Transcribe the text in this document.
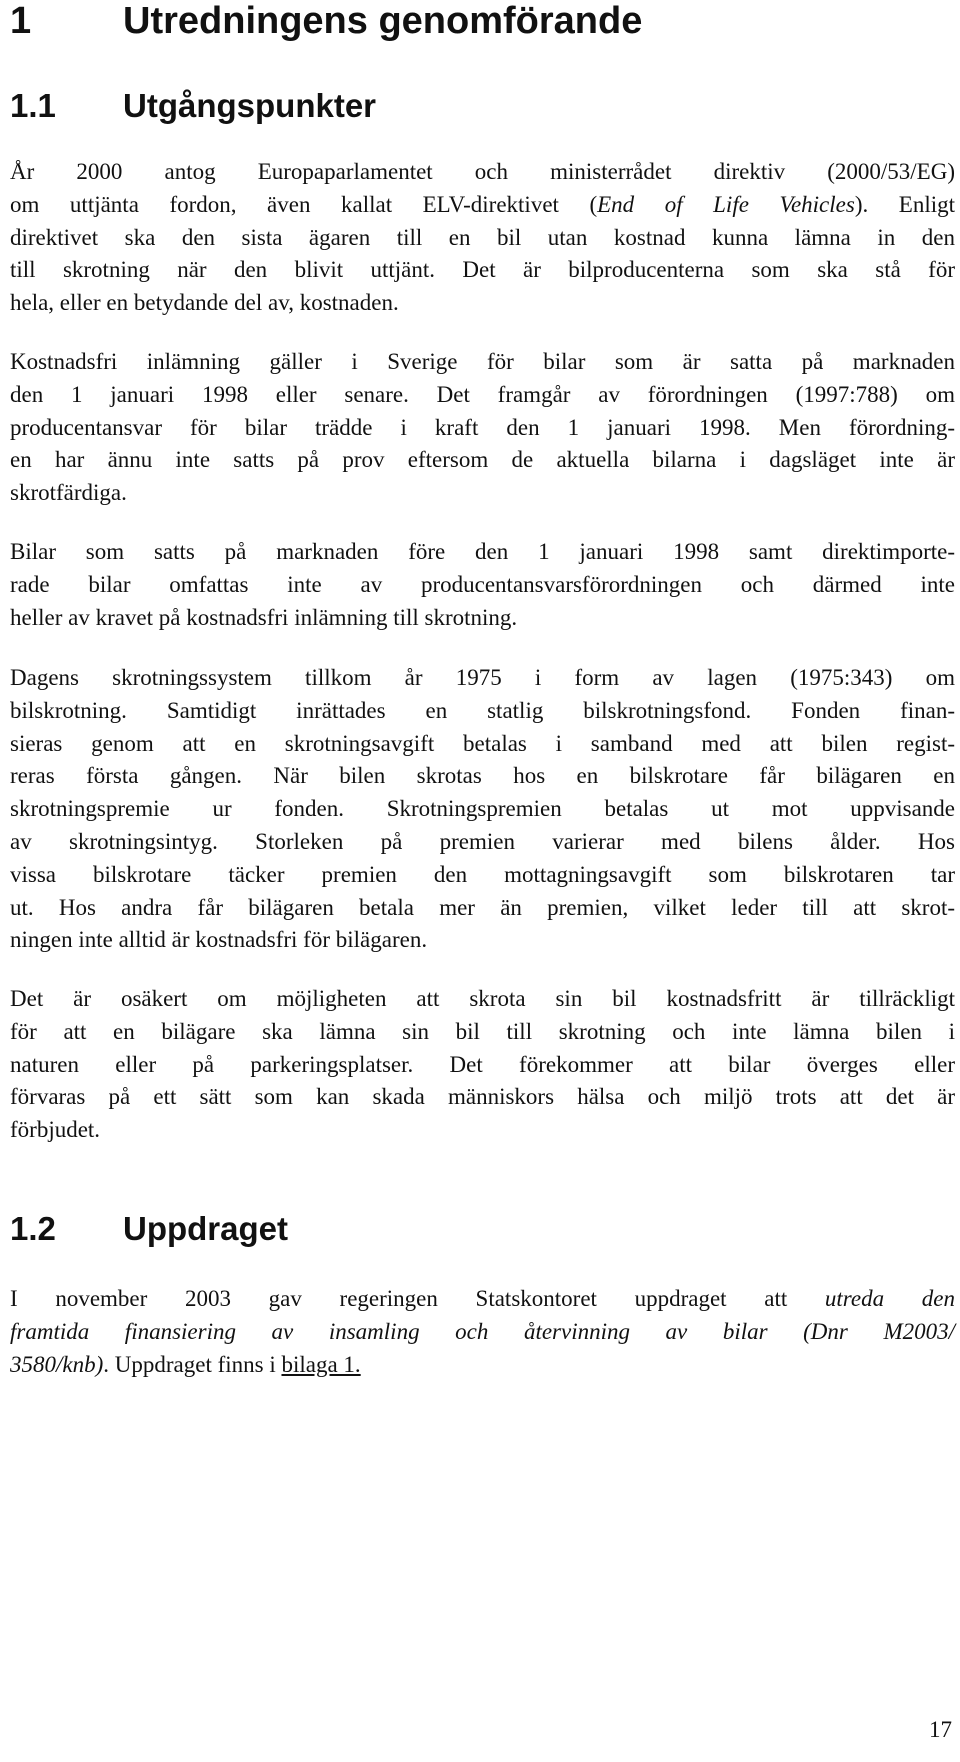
1 Utredningens genomförande
1.1 Utgångspunkter
År 2000 antog Europaparlamentet och ministerrådet direktiv (2000/53/EG)
om uttjänta fordon, även kallat ELV-direktivet (End of Life Vehicles). Enligt
direktivet ska den sista ägaren till en bil utan kostnad kunna lämna in den
till skrotning när den blivit uttjänt. Det är bilproducenterna som ska stå för
hela, eller en betydande del av, kostnaden.
Kostnadsfri inlämning gäller i Sverige för bilar som är satta på marknaden
den 1 januari 1998 eller senare. Det framgår av förordningen (1997:788) om
producentansvar för bilar trädde i kraft den 1 januari 1998. Men förordning-
en har ännu inte satts på prov eftersom de aktuella bilarna i dagsläget inte är
skrotfärdiga.
Bilar som satts på marknaden före den 1 januari 1998 samt direktimporte-
rade bilar omfattas inte av producentansvarsförordningen och därmed inte
heller av kravet på kostnadsfri inlämning till skrotning.
Dagens skrotningssystem tillkom år 1975 i form av lagen (1975:343) om
bilskrotning. Samtidigt inrättades en statlig bilskrotningsfond. Fonden finan-
sieras genom att en skrotningsavgift betalas i samband med att bilen regist-
reras första gången. När bilen skrotas hos en bilskrotare får bilägaren en
skrotningspremie ur fonden. Skrotningspremien betalas ut mot uppvisande
av skrotningsintyg. Storleken på premien varierar med bilens ålder. Hos
vissa bilskrotare täcker premien den mottagningsavgift som bilskrotaren tar
ut. Hos andra får bilägaren betala mer än premien, vilket leder till att skrot-
ningen inte alltid är kostnadsfri för bilägaren.
Det är osäkert om möjligheten att skrota sin bil kostnadsfritt är tillräckligt
för att en bilägare ska lämna sin bil till skrotning och inte lämna bilen i
naturen eller på parkeringsplatser. Det förekommer att bilar överges eller
förvaras på ett sätt som kan skada människors hälsa och miljö trots att det är
förbjudet.
1.2 Uppdraget
I november 2003 gav regeringen Statskontoret uppdraget att utreda den
framtida finansiering av insamling och återvinning av bilar (Dnr M2003/
3580/knb). Uppdraget finns i bilaga 1.
17
